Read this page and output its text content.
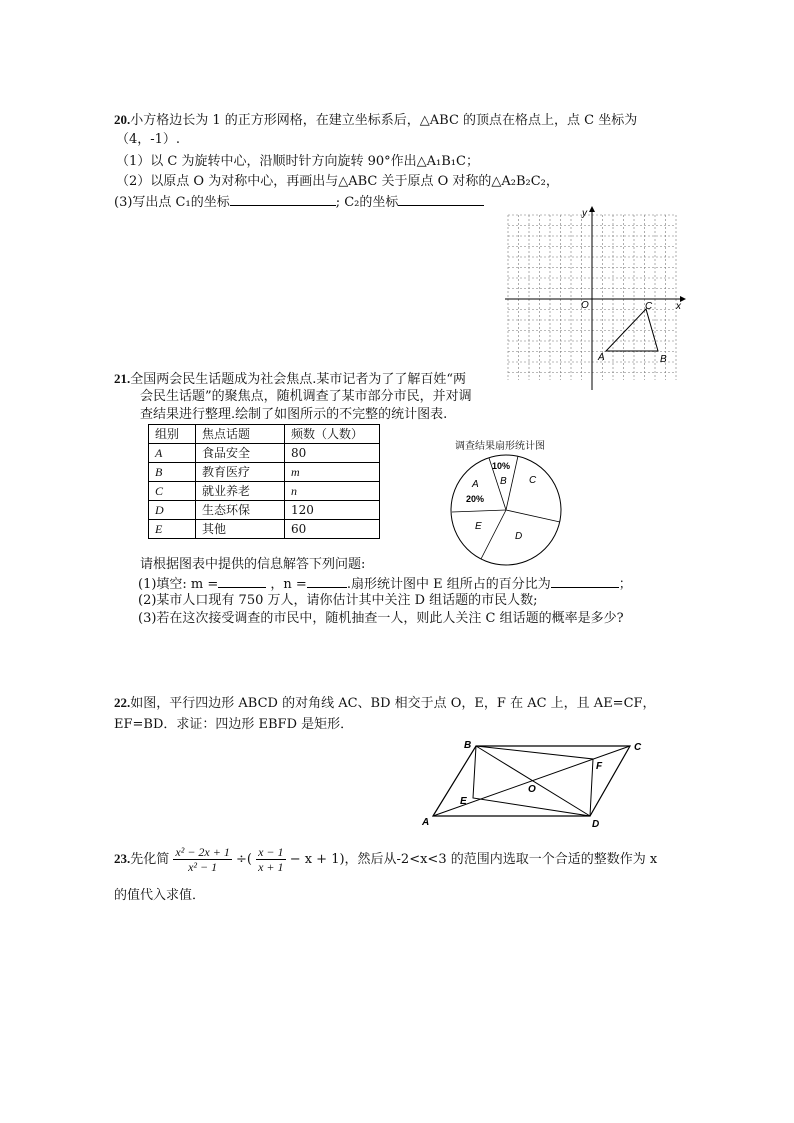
20.小方格边长为 1 的正方形网格，在建立坐标系后，△ABC 的顶点在格点上，点 C 坐标为
（4，-1）.
（1）以 C 为旋转中心，沿顺时针方向旋转 90°作出△A₁B₁C；
（2）以原点 O 为对称中心，再画出与△ABC 关于原点 O 对称的△A₂B₂C₂，
(3)写出点 C₁的坐标	; C₂的坐标
x
y
O
A	B
C
21.全国两会民生话题成为社会焦点.某市记者为了了解百姓“两
会民生话题”的聚焦点，随机调查了某市部分市民，并对调
查结果进行整理.绘制了如图所示的不完整的统计图表.
组别	焦点话题	频数（人数）
A	食品安全	80
B	教育医疗	m
C	就业养老	n
D	生态环保	120
E	其他	60
调查结果扇形统计图
10%
B C
A
20%
E
D
请根据图表中提供的信息解答下列问题:
(1)填空: m =	，n =	.扇形统计图中 E 组所占的百分比为	；
(2)某市人口现有 750 万人，请你估计其中关注 D 组话题的市民人数;
(3)若在这次接受调查的市民中，随机抽查一人，则此人关注 C 组话题的概率是多少?
22.如图，平行四边形 ABCD 的对角线 AC、BD 相交于点 O，E，F 在 AC 上，且 AE=CF，
EF=BD．求证：四边形 EBFD 是矩形．
A
B	C
D
E
F
O
23.先化简 $\frac{\text{x² − 2x + 1}}{\text{x² − 1}}$ ÷( $\frac{x - 1}{x + 1} - x + 1$)，然后从-2<x<3 的范围内选取一个合适的整数作为 x
的值代入求值．
